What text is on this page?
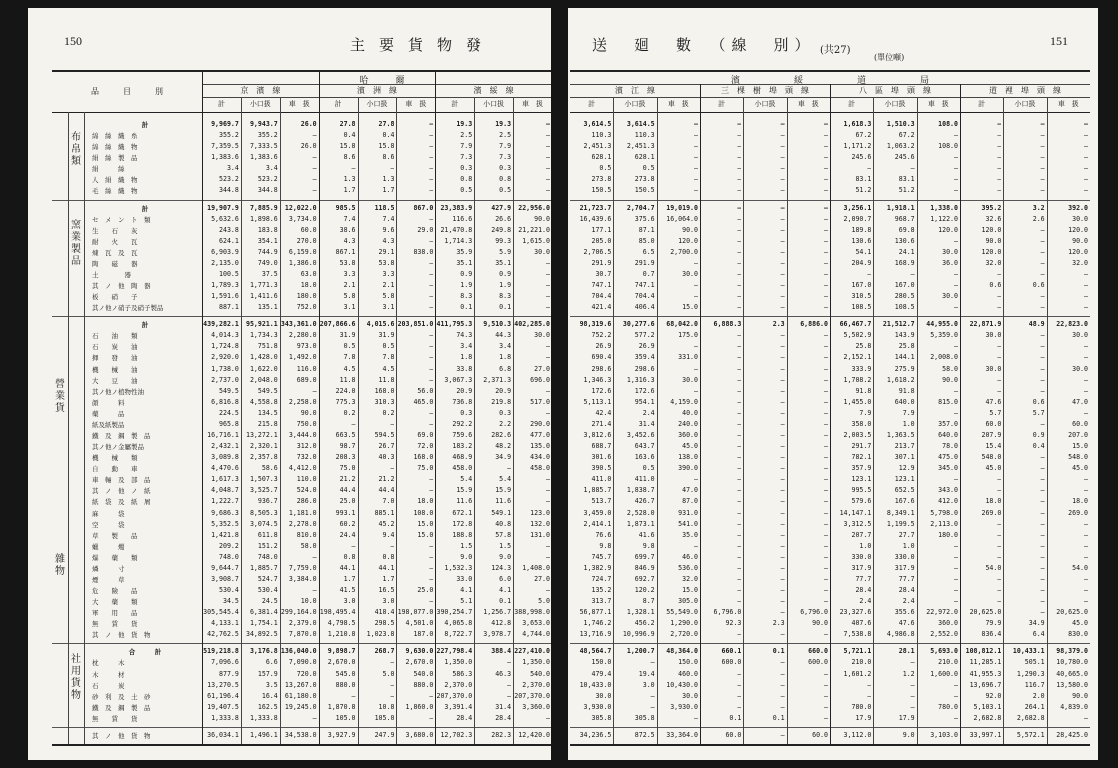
150	主要貨物發
品　　　目　　　別
哈　　　爾
京　濱　線	濱　洲　線	濱　綏　線
計	小口扱	車　扱	計	小口扱	車　扱	計	小口扱	車　扱
布　帛　類
窯　業　製　品
營　業　貨
雜　物
社　用　貨　物
計	9,969.7	9,943.7	26.0	27.8	27.8	—	19.3	19.3	—
綿　絲　織　糸	355.2	355.2	—	0.4	0.4	—	2.5	2.5	—
綿　絲　織　物	7,359.5	7,333.5	26.0	15.8	15.8	—	7.9	7.9	—
絹　絲　製　品	1,383.6	1,383.6	—	8.6	8.6	—	7.3	7.3	—
絹　　　絲	3.4	3.4	—	—	—	—	0.3	0.3	—
人　絹　織　物	523.2	523.2	—	1.3	1.3	—	0.8	0.8	—
毛　絲　織　物	344.8	344.8	—	1.7	1.7	—	0.5	0.5	—
計	19,907.9	7,885.9	12,022.0	985.5	118.5	867.0	23,383.9	427.9	22,956.0
セ　メ　ン　ト　類	5,632.6	1,898.6	3,734.0	7.4	7.4	—	116.6	26.6	90.0
生　　石　　灰	243.8	183.8	60.0	38.6	9.6	29.0	21,470.8	249.8	21,221.0
耐　　火　　瓦	624.1	354.1	270.0	4.3	4.3	—	1,714.3	99.3	1,615.0
煉　瓦　及　瓦	6,903.9	744.9	6,159.0	867.1	29.1	838.0	35.9	5.9	30.0
陶　　磁　　器	2,135.0	749.0	1,386.0	53.8	53.8	—	35.1	35.1	—
土　　　　器	100.5	37.5	63.0	3.3	3.3	—	0.9	0.9	—
其　ノ　他　陶　器	1,789.3	1,771.3	18.0	2.1	2.1	—	1.9	1.9	—
板　　硝　　子	1,591.6	1,411.6	180.0	5.8	5.8	—	8.3	8.3	—
其ノ他ノ硝子及硝子製品	887.1	135.1	752.0	3.1	3.1	—	0.1	0.1	—
計	439,282.1	95,921.1 343,361.0 207,866.6	4,015.6 203,851.0 411,795.3	9,510.3 402,285.0
石　　油　　類	4,014.3	1,734.3	2,280.0	31.9	31.9	—	74.3	44.3	30.0
石　　炭　　油	1,724.8	751.8	973.0	0.5	0.5	—	3.4	3.4	—
揮　　發　　油	2,920.0	1,428.0	1,492.0	7.8	7.8	—	1.8	1.8	—
機　　械　　油	1,738.0	1,622.0	116.0	4.5	4.5	—	33.8	6.8	27.0
大　　豆　　油	2,737.0	2,048.0	689.0	11.8	11.8	—	3,067.3	2,371.3	696.0
其ノ他ノ植物性油	549.5	549.5	—	224.0	168.0	56.0	20.9	20.9	—
顔　　　料	6,816.8	4,558.8	2,258.0	775.3	310.3	465.0	736.8	219.8	517.0
藥　　　品	224.5	134.5	90.0	0.2	0.2	—	0.3	0.3	—
紙及紙製品	965.8	215.8	750.0	—	—	—	292.2	2.2	290.0
鐵　及　鋼　製　品	16,716.1	13,272.1	3,444.0	663.5	594.5	69.0	759.6	282.6	477.0
其ノ他ノ金屬製品	2,432.1	2,320.1	312.0	98.7	26.7	72.0	183.2	48.2	135.0
機　　械　　類	3,089.8	2,357.8	732.0	208.3	40.3	168.0	468.9	34.9	434.0
自　　動　　車	4,470.6	58.6	4,412.0	75.0	—	75.0	458.0	—	458.0
車　輛　及　部　品	1,617.3	1,507.3	110.0	21.2	21.2	—	5.4	5.4	—
其　ノ　他　ノ　紙	4,048.7	3,525.7	524.0	44.4	44.4	—	15.9	15.9	—
紙　袋　及　紙　屑	1,222.7	936.7	286.0	25.0	7.0	18.0	11.6	11.6	—
麻　　　袋	9,686.3	8,505.3	1,181.0	993.1	885.1	108.0	672.1	549.1	123.0
空　　　袋	5,352.5	3,074.5	2,278.0	60.2	45.2	15.0	172.8	40.8	132.0
草　　製　　品	1,421.8	611.8	810.0	24.4	9.4	15.0	188.8	57.8	131.0
蠟　　　燭	209.2	151.2	58.0	—	—	—	1.5	1.5	—
爆　　藥　　類	748.0	748.0	—	0.8	0.8	—	9.0	9.0	—
燐　　　寸	9,644.7	1,885.7	7,759.0	44.1	44.1	—	1,532.3	124.3	1,408.0
煙　　　草	3,908.7	524.7	3,384.0	1.7	1.7	—	33.0	6.0	27.0
危　　險　　品	530.4	530.4	—	41.5	16.5	25.0	4.1	4.1	—
大　　藥　　類	34.5	24.5	10.0	3.0	3.0	—	5.1	0.1	5.0
軍　　用　　品	305,545.4	6,381.4 299,164.0 198,495.4	418.4 198,077.0 390,254.7	1,256.7 388,998.0
無　　賃　　貨	4,133.1	1,754.1	2,379.0	4,798.5	298.5	4,501.0	4,065.8	412.8	3,653.0
其　ノ　他　貨　物	42,762.5	34,892.5	7,870.0	1,210.8	1,023.8	187.0	8,722.7	3,978.7	4,744.0
合　　　計	519,218.8	3,176.8 136,040.0	9,898.7	268.7	9,630.0 227,798.4	388.4 227,410.0
枕　　　木	7,096.6	6.6	7,090.0	2,670.0	—	2,670.0	1,350.0	—	1,350.0
木　　　材	877.9	157.9	720.0	545.0	5.0	540.0	586.3	46.3	540.0
石　　　炭	13,270.5	3.5	13,267.0	880.0	—	880.0	2,370.0	—	2,370.0
砂　利　及　土　砂	61,196.4	16.4	61,180.0	—	—	— 207,370.0	— 207,370.0
鐵　及　鋼　製　品	19,407.5	162.5	19,245.0	1,870.8	10.8	1,860.0	3,391.4	31.4	3,360.0
無　　賃　　貨	1,333.8	1,333.8	—	105.0	105.0	—	28.4	28.4	—
其　ノ　他　貨　物	36,034.1	1,496.1	34,538.0	3,927.9	247.9	3,680.0	12,702.3	282.3	12,420.0
送　廻　數　（線　別） (共27)
(單位噸)
151
濱　　　　　　綏　　　　　　道　　　　　　局
濱　江　線	三　棵　樹　埠　頭　線	八　區　埠　頭　線	道　裡　埠　頭　線
計	小口扱	車　扱	計	小口扱	車　扱	計	小口扱	車　扱	計	小口扱	車　扱
3,614.5	3,614.5	—	—	—	—	1,618.3	1,510.3	108.0	—	—	—
110.3	110.3	—	—	—	—	67.2	67.2	—	—	—	—
2,451.3	2,451.3	—	—	—	—	1,171.2	1,063.2	108.0	—	—	—
628.1	628.1	—	—	—	—	245.6	245.6	—	—	—	—
0.5	0.5	—	—	—	—	—	—	—	—	—	—
273.8	273.8	—	—	—	—	83.1	83.1	—	—	—	—
150.5	150.5	—	—	—	—	51.2	51.2	—	—	—	—
21,723.7	2,704.7	19,019.0	—	—	—	3,256.1	1,918.1	1,338.0	395.2	3.2	392.0
16,439.6	375.6	16,064.0	—	—	—	2,090.7	968.7	1,122.0	32.6	2.6	30.0
177.1	87.1	90.0	—	—	—	189.8	69.8	120.0	120.0	—	120.0
205.0	85.0	120.0	—	—	—	130.6	130.6	—	90.0	—	90.0
2,706.5	6.5	2,700.0	—	—	—	54.1	24.1	30.0	120.0	—	120.0
291.9	291.9	—	—	—	—	204.9	168.9	36.0	32.0	—	32.0
30.7	0.7	30.0	—	—	—	—	—	—	—	—	—
747.1	747.1	—	—	—	—	167.0	167.0	—	0.6	0.6	—
704.4	704.4	—	—	—	—	310.5	280.5	30.0	—	—	—
421.4	406.4	15.0	—	—	—	108.5	108.5	—	—	—	—
98,319.6	30,277.6	68,042.0	6,888.3	2.3	6,886.0	66,467.7	21,512.7	44,955.0	22,871.9	48.9	22,823.0
752.2	577.2	175.0	—	—	—	5,502.9	143.9	5,359.0	30.0	—	30.0
26.9	26.9	—	—	—	—	25.8	25.8	—	—	—	—
690.4	359.4	331.0	—	—	—	2,152.1	144.1	2,008.0	—	—	—
298.6	298.6	—	—	—	—	333.9	275.9	58.0	30.0	—	30.0
1,346.3	1,316.3	30.0	—	—	—	1,708.2	1,618.2	90.0	—	—	—
172.6	172.6	—	—	—	—	91.8	91.8	—	—	—	—
5,113.1	954.1	4,159.0	—	—	—	1,455.0	640.0	815.0	47.6	0.6	47.0
42.4	2.4	40.0	—	—	—	7.9	7.9	—	5.7	5.7	—
271.4	31.4	240.0	—	—	—	358.0	1.0	357.0	60.0	—	60.0
3,812.6	3,452.6	360.0	—	—	—	2,003.5	1,363.5	640.0	207.9	0.9	207.0
688.7	643.7	45.0	—	—	—	291.7	213.7	78.0	15.4	0.4	15.0
301.6	163.6	138.0	—	—	—	782.1	307.1	475.0	548.0	—	548.0
390.5	0.5	390.0	—	—	—	357.9	12.9	345.0	45.0	—	45.0
411.0	411.0	—	—	—	—	123.1	123.1	—	—	—	—
1,885.7	1,838.7	47.0	—	—	—	995.5	652.5	343.0	—	—	—
513.7	426.7	87.0	—	—	—	579.6	167.6	412.0	18.0	—	18.0
3,459.0	2,528.0	931.0	—	—	—	14,147.1	8,349.1	5,798.0	269.0	—	269.0
2,414.1	1,873.1	541.0	—	—	—	3,312.5	1,199.5	2,113.0	—	—	—
76.6	41.6	35.0	—	—	—	207.7	27.7	180.0	—	—	—
9.8	9.8	—	—	—	—	1.0	1.0	—	—	—	—
745.7	699.7	46.0	—	—	—	330.0	330.0	—	—	—	—
1,382.9	846.9	536.0	—	—	—	317.9	317.9	—	54.0	—	54.0
724.7	692.7	32.0	—	—	—	77.7	77.7	—	—	—	—
135.2	120.2	15.0	—	—	—	28.4	28.4	—	—	—	—
313.7	8.7	305.0	—	—	—	2.4	2.4	—	—	—	—
56,877.1	1,328.1	55,549.0	6,796.0	—	6,796.0	23,327.6	355.6	22,972.0	20,625.0	—	20,625.0
1,746.2	456.2	1,290.0	92.3	2.3	90.0	407.6	47.6	360.0	79.9	34.9	45.0
13,716.9	10,996.9	2,720.0	—	—	—	7,538.8	4,986.8	2,552.0	836.4	6.4	830.0
48,564.7	1,200.7	48,364.0	660.1	0.1	660.0	5,721.1	28.1	5,693.0	108,812.1	10,433.1	98,379.0
150.0	—	150.0	600.0	—	600.0	210.0	—	210.0	11,285.1	505.1	10,780.0
479.4	19.4	460.0	—	—	—	1,601.2	1.2	1,600.0	41,955.3	1,290.3	40,665.0
10,433.0	3.0	10,430.0	—	—	—	—	—	—	13,696.7	116.7	13,580.0
30.0	—	30.0	—	—	—	—	—	—	92.0	2.0	90.0
3,930.0	—	3,930.0	—	—	—	780.0	—	780.0	5,103.1	264.1	4,839.0
305.8	305.8	—	0.1	0.1	—	17.9	17.9	—	2,682.8	2,682.8	—
34,236.5	872.5	33,364.0	60.0	—	60.0	3,112.0	9.0	3,103.0	33,997.1	5,572.1	28,425.0
